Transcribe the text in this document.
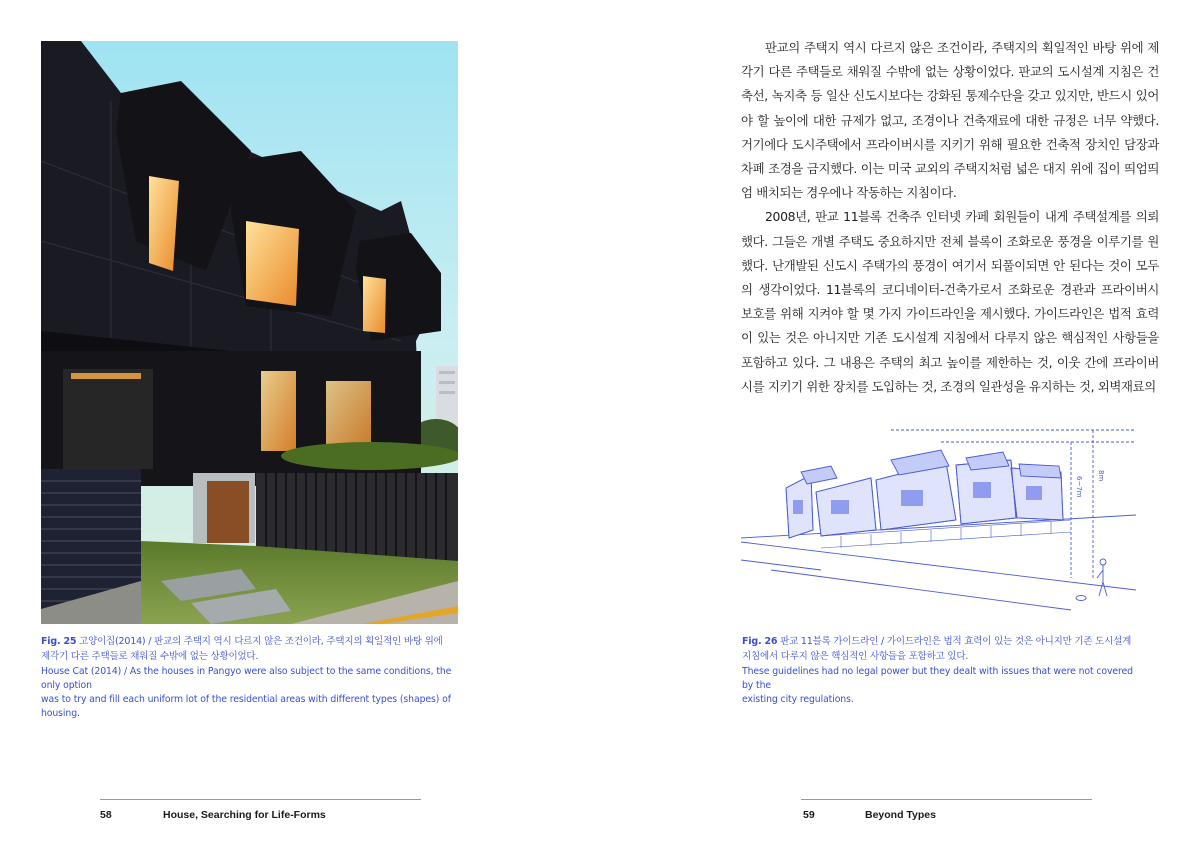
Fig. 25 고양이집(2014) / 판교의 주택지 역시 다르지 않은 조건이라, 주택지의 획일적인 바탕 위에
제각기 다른 주택들로 채워질 수밖에 없는 상황이었다.
House Cat (2014) / As the houses in Pangyo were also subject to the same conditions, the only option
was to try and fill each uniform lot of the residential areas with different types (shapes) of housing.
58	House, Searching for Life-Forms

판교의 주택지 역시 다르지 않은 조건이라, 주택지의 획일적인 바탕 위에 제각기 다른 주택들로 채워질 수밖에 없는 상황이었다. 판교의 도시설계 지침은 건축선, 녹지축 등 일산 신도시보다는 강화된 통제수단을 갖고 있지만, 반드시 있어야 할 높이에 대한 규제가 없고, 조경이나 건축재료에 대한 규정은 너무 약했다. 거기에다 도시주택에서 프라이버시를 지키기 위해 필요한 건축적 장치인 담장과 차폐 조경을 금지했다. 이는 미국 교외의 주택지처럼 넓은 대지 위에 집이 띄엄띄엄 배치되는 경우에나 작동하는 지침이다.

2008년, 판교 11블록 건축주 인터넷 카페 회원들이 내게 주택설계를 의뢰했다. 그들은 개별 주택도 중요하지만 전체 블록이 조화로운 풍경을 이루기를 원했다. 난개발된 신도시 주택가의 풍경이 여기서 되풀이되면 안 된다는 것이 모두의 생각이었다. 11블록의 코디네이터-건축가로서 조화로운 경관과 프라이버시 보호를 위해 지켜야 할 몇 가지 가이드라인을 제시했다. 가이드라인은 법적 효력이 있는 것은 아니지만 기존 도시설계 지침에서 다루지 않은 핵심적인 사항들을 포함하고 있다. 그 내용은 주택의 최고 높이를 제한하는 것, 이웃 간에 프라이버시를 지키기 위한 장치를 도입하는 것, 조경의 일관성을 유지하는 것, 외벽재료의

6~7m
8m
Fig. 26 판교 11블록 가이드라인 / 가이드라인은 법적 효력이 있는 것은 아니지만 기존 도시설계
지침에서 다루지 않은 핵심적인 사항들을 포함하고 있다.
These guidelines had no legal power but they dealt with issues that were not covered by the
existing city regulations.
59	Beyond Types
